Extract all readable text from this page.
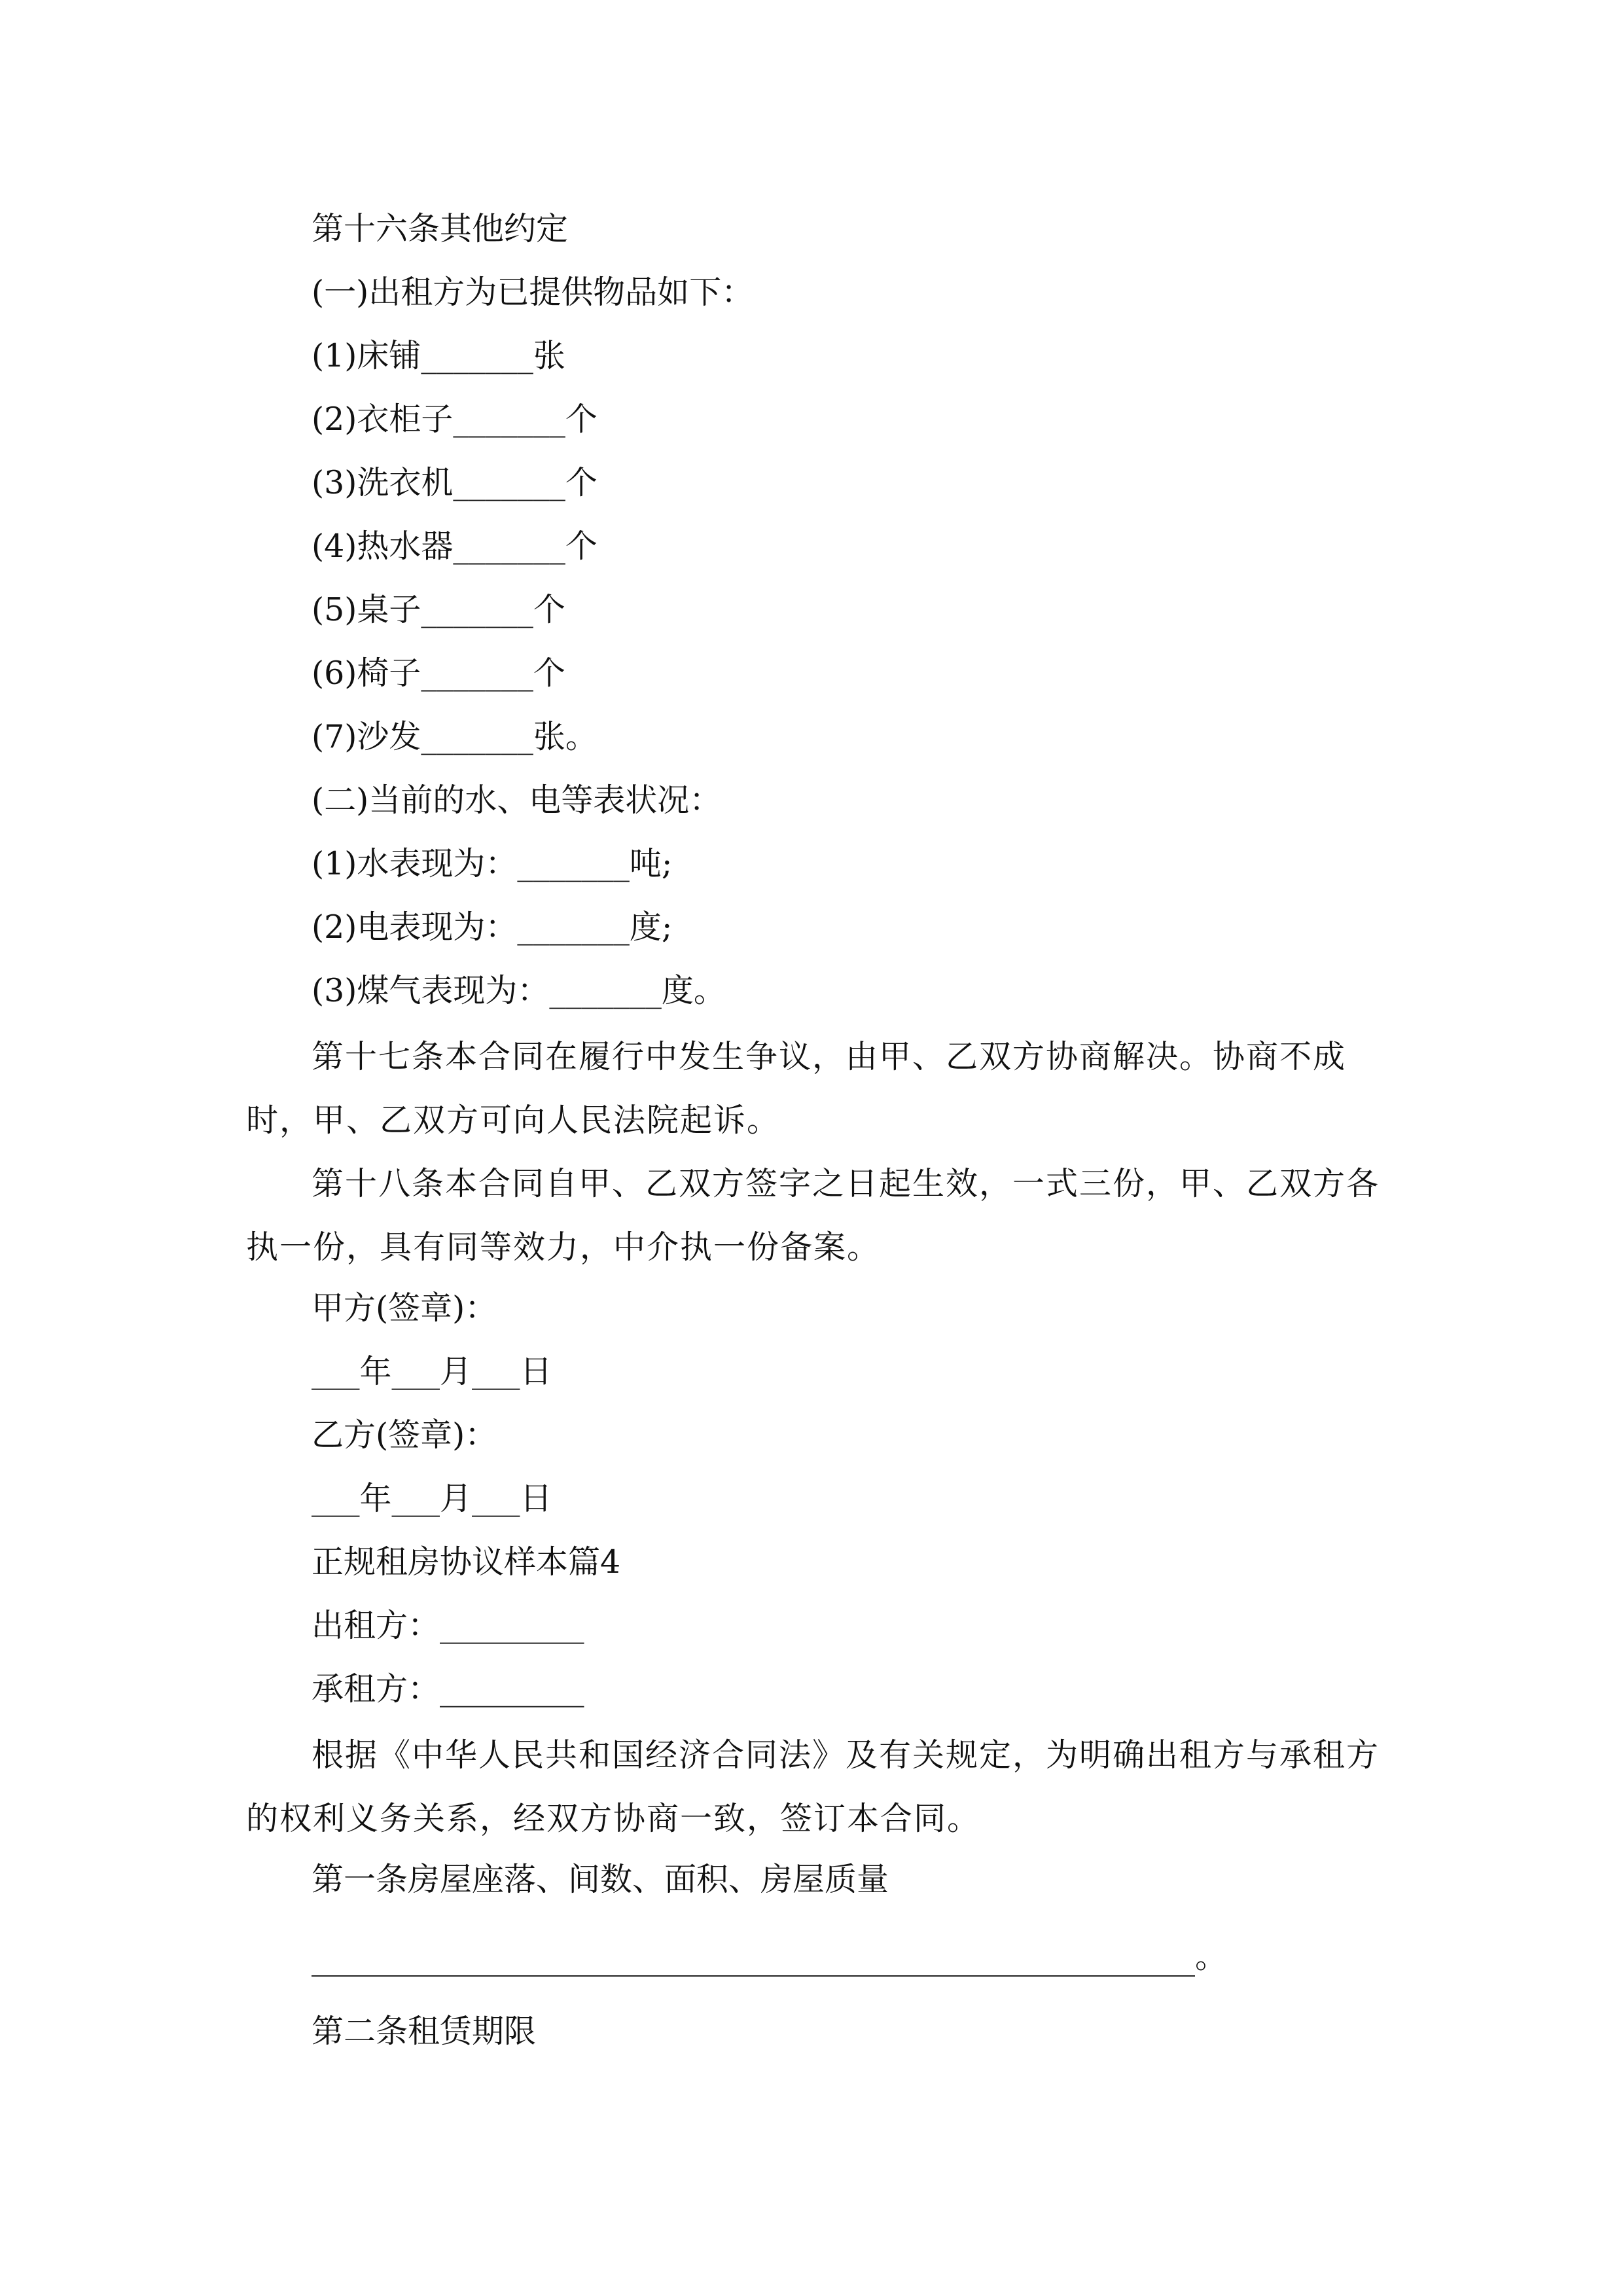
第十六条其他约定
(一)出租方为已提供物品如下：
(1)床铺_______张
(2)衣柜子_______个
(3)洗衣机_______个
(4)热水器_______个
(5)桌子_______个
(6)椅子_______个
(7)沙发_______张。
(二)当前的水、电等表状况：
(1)水表现为：_______吨;
(2)电表现为：_______度;
(3)煤气表现为：_______度。
第十七条本合同在履行中发生争议，由甲、乙双方协商解决。协商不成时，甲、乙双方可向人民法院起诉。
第十八条本合同自甲、乙双方签字之日起生效，一式三份，甲、乙双方各执一份，具有同等效力，中介执一份备案。
甲方(签章)：
___年___月___日
乙方(签章)：
___年___月___日
正规租房协议样本篇4
出租方：_________
承租方：_________
根据《中华人民共和国经济合同法》及有关规定，为明确出租方与承租方的权利义务关系，经双方协商一致，签订本合同。
第一条房屋座落、间数、面积、房屋质量
。
第二条租赁期限
